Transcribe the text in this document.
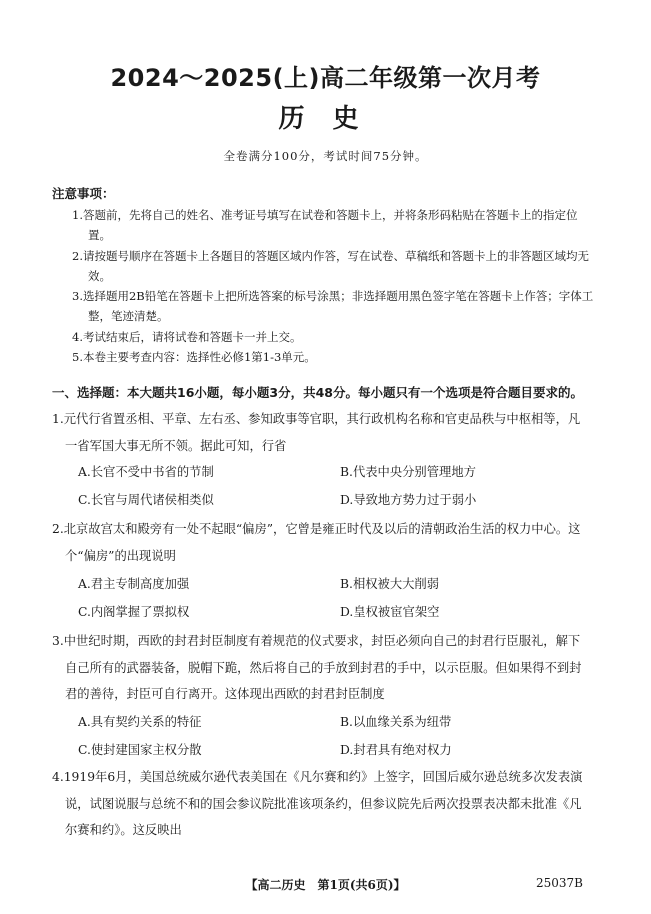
2024～2025(上)高二年级第一次月考
历史
全卷满分100分，考试时间75分钟。
注意事项：
1.答题前，先将自己的姓名、准考证号填写在试卷和答题卡上，并将条形码粘贴在答题卡上的指定位置。
2.请按题号顺序在答题卡上各题目的答题区域内作答，写在试卷、草稿纸和答题卡上的非答题区域均无效。
3.选择题用2B铅笔在答题卡上把所选答案的标号涂黑；非选择题用黑色签字笔在答题卡上作答；字体工整，笔迹清楚。
4.考试结束后，请将试卷和答题卡一并上交。
5.本卷主要考查内容：选择性必修1第1-3单元。
一、选择题：本大题共16小题，每小题3分，共48分。每小题只有一个选项是符合题目要求的。
1.元代行省置丞相、平章、左右丞、参知政事等官职，其行政机构名称和官吏品秩与中枢相等，凡一省军国大事无所不领。据此可知，行省
A.长官不受中书省的节制	B.代表中央分别管理地方
C.长官与周代诸侯相类似	D.导致地方势力过于弱小
2.北京故宫太和殿旁有一处不起眼“偏房”，它曾是雍正时代及以后的清朝政治生活的权力中心。这个“偏房”的出现说明
A.君主专制高度加强	B.相权被大大削弱
C.内阁掌握了票拟权	D.皇权被宦官架空
3.中世纪时期，西欧的封君封臣制度有着规范的仪式要求，封臣必须向自己的封君行臣服礼，解下自己所有的武器装备，脱帽下跪，然后将自己的手放到封君的手中，以示臣服。但如果得不到封君的善待，封臣可自行离开。这体现出西欧的封君封臣制度
A.具有契约关系的特征	B.以血缘关系为纽带
C.使封建国家主权分散	D.封君具有绝对权力
4.1919年6月，美国总统威尔逊代表美国在《凡尔赛和约》上签字，回国后威尔逊总统多次发表演说，试图说服与总统不和的国会参议院批准该项条约，但参议院先后两次投票表决都未批准《凡尔赛和约》。这反映出
【高二历史　第1页(共6页)】	25037B
